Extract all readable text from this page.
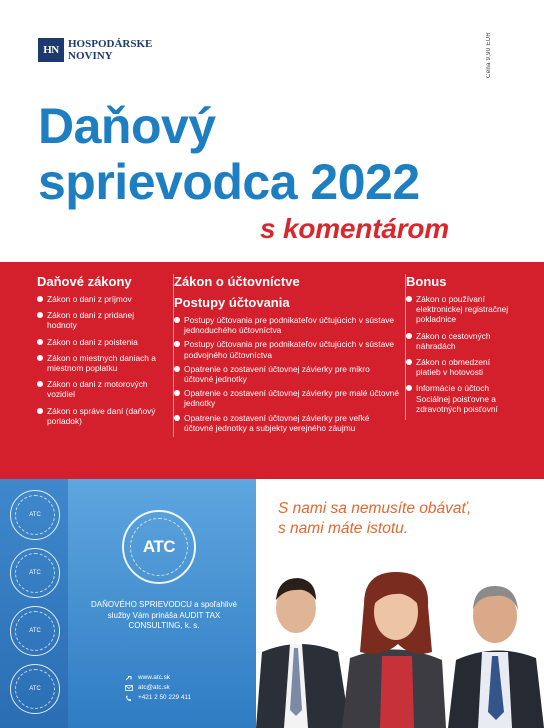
HN HOSPODÁRSKE
NOVINY	Cena 9,90 EUR
Daňový
sprievodca 2022
s komentárom
Daňové zákony
Zákon o dani z príjmov
Zákon o dani z pridanej hodnoty
Zákon o dani z poistenia
Zákon o miestnych daniach a miestnom poplatku
Zákon o dani z motorových vozidiel
Zákon o správe daní (daňový poriadok)
Zákon o účtovníctve
Postupy účtovania
Postupy účtovania pre podnikateľov účtujúcich v sústave jednoduchého účtovníctva
Postupy účtovania pre podnikateľov účtujúcich v sústave podvojného účtovníctva
Opatrenie o zostavení účtovnej závierky pre mikro účtovné jednotky
Opatrenie o zostavení účtovnej závierky pre malé účtovné jednotky
Opatrenie o zostavení účtovnej závierky pre veľké účtovné jednotky a subjekty verejného záujmu
Bonus
Zákon o používaní elektronickej registračnej pokladnice
Zákon o cestovných náhradách
Zákon o obmedzení platieb v hotovosti
Informácie o účtoch Sociálnej poisťovne a zdravotných poisťovní
ATC
ATC
ATC
ATC
ATC
DAŇOVÉHO SPRIEVODCU a spoľahlivé služby Vám prináša AUDIT TAX CONSULTING, k. s.
www.atc.sk
atc@atc.sk
+421 2 50 229 411
S nami sa nemusíte obávať,
s nami máte istotu.
